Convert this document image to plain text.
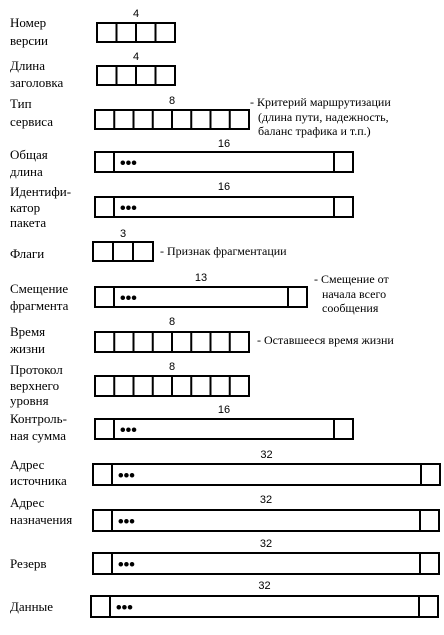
Номер
версии
4
Длина
заголовка
4
Тип
сервиса
8	- Критерий маршрутизации
(длина пути, надежность,
баланс трафика и т.п.)
Общая
длина
16
•••
Идентифи-
катор
пакета
16
•••
Флаги
3
- Признак фрагментации
Смещение
фрагмента
13
•••
- Смещение от
начала всего
сообщения
Время
жизни
8
- Оставшееся время жизни
Протокол
верхнего
уровня
8
Контроль-
ная сумма
16
•••
Адрес
источника
32
•••
Адрес
назначения
32
•••
Резерв
32
•••
Данные
32
•••
